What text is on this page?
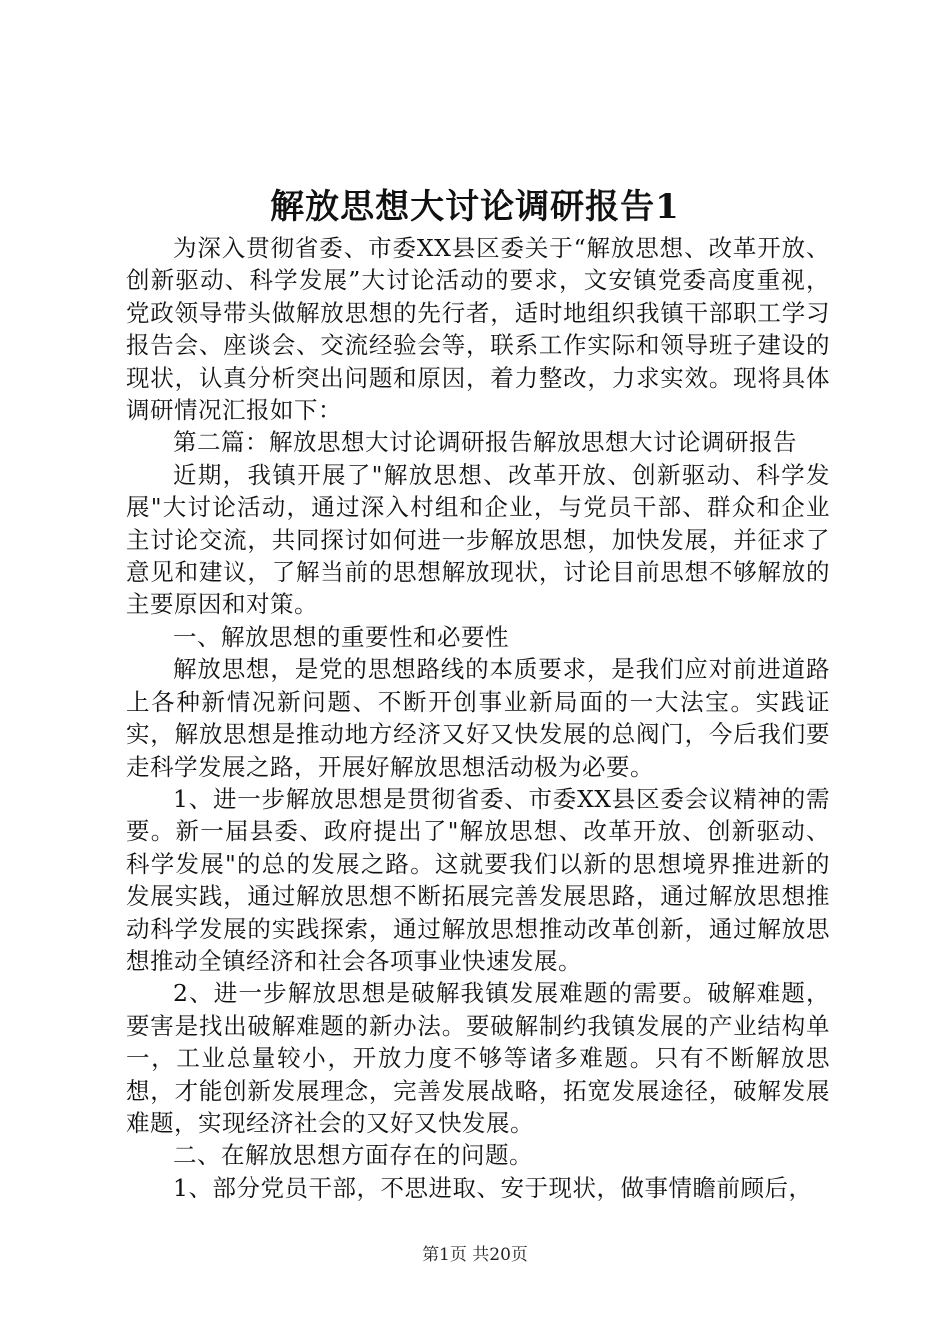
解放思想大讨论调研报告1

为深入贯彻省委、市委XX县区委关于“解放思想、改革开放、创新驱动、科学发展”大讨论活动的要求，文安镇党委高度重视，党政领导带头做解放思想的先行者，适时地组织我镇干部职工学习报告会、座谈会、交流经验会等，联系工作实际和领导班子建设的现状，认真分析突出问题和原因，着力整改，力求实效。现将具体调研情况汇报如下：

第二篇：解放思想大讨论调研报告解放思想大讨论调研报告

近期，我镇开展了"解放思想、改革开放、创新驱动、科学发展"大讨论活动，通过深入村组和企业，与党员干部、群众和企业主讨论交流，共同探讨如何进一步解放思想，加快发展，并征求了意见和建议，了解当前的思想解放现状，讨论目前思想不够解放的主要原因和对策。

一、解放思想的重要性和必要性

解放思想，是党的思想路线的本质要求，是我们应对前进道路上各种新情况新问题、不断开创事业新局面的一大法宝。实践证实，解放思想是推动地方经济又好又快发展的总阀门，今后我们要走科学发展之路，开展好解放思想活动极为必要。

1、进一步解放思想是贯彻省委、市委XX县区委会议精神的需要。新一届县委、政府提出了"解放思想、改革开放、创新驱动、科学发展"的总的发展之路。这就要我们以新的思想境界推进新的发展实践，通过解放思想不断拓展完善发展思路，通过解放思想推动科学发展的实践探索，通过解放思想推动改革创新，通过解放思想推动全镇经济和社会各项事业快速发展。

2、进一步解放思想是破解我镇发展难题的需要。破解难题，要害是找出破解难题的新办法。要破解制约我镇发展的产业结构单一，工业总量较小，开放力度不够等诸多难题。只有不断解放思想，才能创新发展理念，完善发展战略，拓宽发展途径，破解发展难题，实现经济社会的又好又快发展。

二、在解放思想方面存在的问题。

1、部分党员干部，不思进取、安于现状，做事情瞻前顾后，

第1页 共20页
